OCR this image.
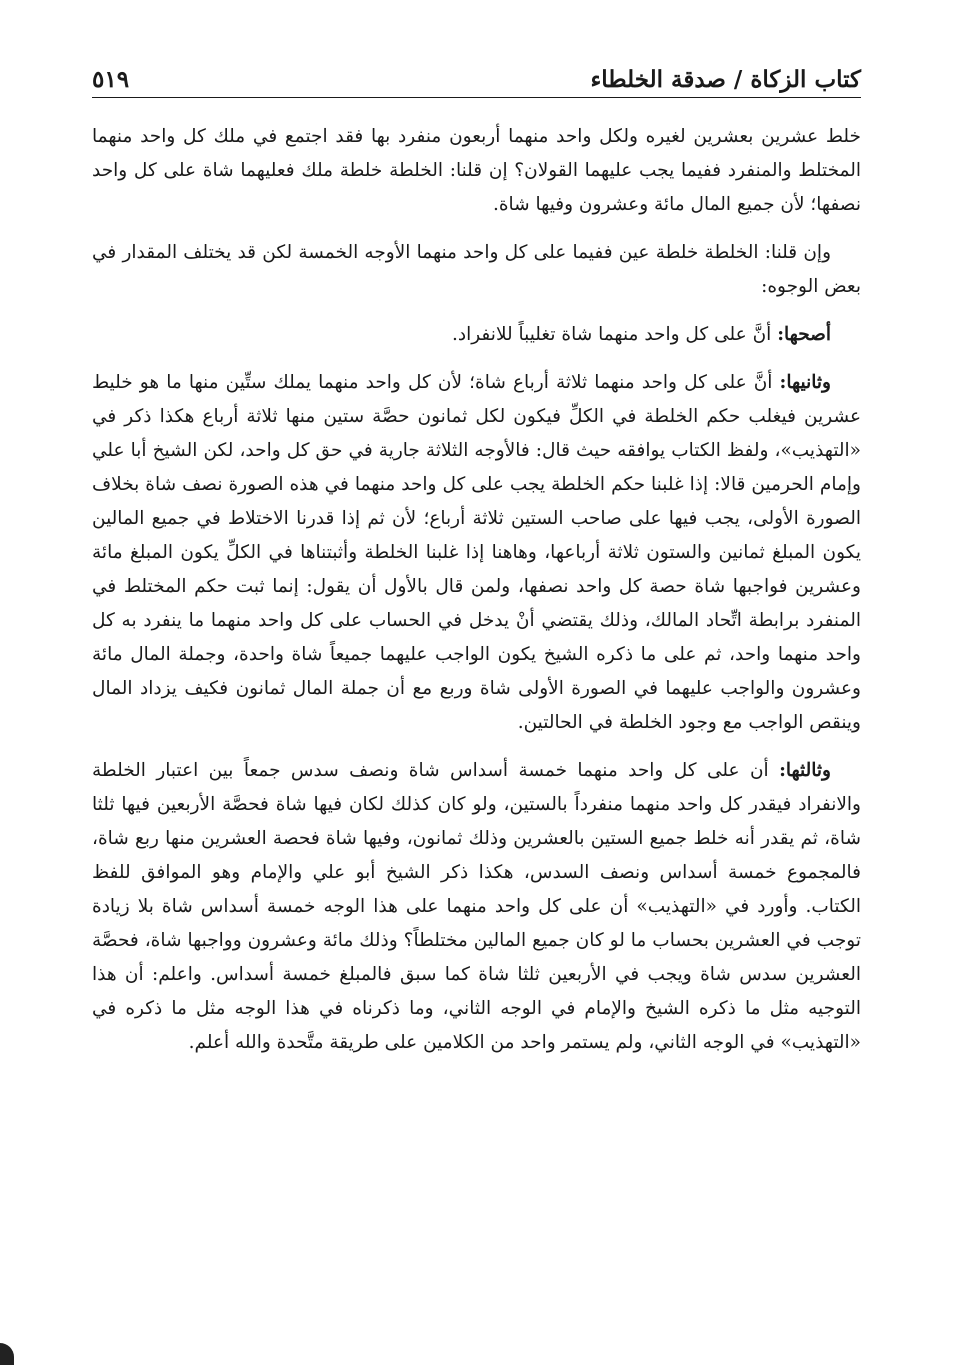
كتاب الزكاة / صدقة الخلطاء
٥١٩

خلط عشرين بعشرين لغيره ولكل واحد منهما أربعون منفرد بها فقد اجتمع في ملك كل واحد منهما المختلط والمنفرد ففيما يجب عليهما القولان؟ إن قلنا: الخلطة خلطة ملك فعليهما شاة على كل واحد نصفها؛ لأن جميع المال مائة وعشرون وفيها شاة.

وإن قلنا: الخلطة خلطة عين ففيما على كل واحد منهما الأوجه الخمسة لكن قد يختلف المقدار في بعض الوجوه:

أصحها: أنَّ على كل واحد منهما شاة تغليباً للانفراد.

وثانيها: أنَّ على كل واحد منهما ثلاثة أرباع شاة؛ لأن كل واحد منهما يملك ستِّين منها ما هو خليط عشرين فيغلب حكم الخلطة في الكلِّ فيكون لكل ثمانون حصَّة ستين منها ثلاثة أرباع هكذا ذكر في «التهذيب»، ولفظ الكتاب يوافقه حيث قال: فالأوجه الثلاثة جارية في حق كل واحد، لكن الشيخ أبا علي وإمام الحرمين قالا: إذا غلبنا حكم الخلطة يجب على كل واحد منهما في هذه الصورة نصف شاة بخلاف الصورة الأولى، يجب فيها على صاحب الستين ثلاثة أرباع؛ لأن ثم إذا قدرنا الاختلاط في جميع المالين يكون المبلغ ثمانين والستون ثلاثة أرباعها، وهاهنا إذا غلبنا الخلطة وأثبتناها في الكلِّ يكون المبلغ مائة وعشرين فواجبها شاة حصة كل واحد نصفها، ولمن قال بالأول أن يقول: إنما ثبت حكم المختلط في المنفرد برابطة اتِّحاد المالك، وذلك يقتضي أنْ يدخل في الحساب على كل واحد منهما ما ينفرد به كل واحد منهما واحد، ثم على ما ذكره الشيخ يكون الواجب عليهما جميعاً شاة واحدة، وجملة المال مائة وعشرون والواجب عليهما في الصورة الأولى شاة وربع مع أن جملة المال ثمانون فكيف يزداد المال وينقص الواجب مع وجود الخلطة في الحالتين.

وثالثها: أن على كل واحد منهما خمسة أسداس شاة ونصف سدس جمعاً بين اعتبار الخلطة والانفراد فيقدر كل واحد منهما منفرداً بالستين، ولو كان كذلك لكان فيها شاة فحصَّة الأربعين فيها ثلثا شاة، ثم يقدر أنه خلط جميع الستين بالعشرين وذلك ثمانون، وفيها شاة فحصة العشرين منها ربع شاة، فالمجموع خمسة أسداس ونصف السدس، هكذا ذكر الشيخ أبو علي والإمام وهو الموافق للفظ الكتاب. وأورد في «التهذيب» أن على كل واحد منهما على هذا الوجه خمسة أسداس شاة بلا زيادة توجب في العشرين بحساب ما لو كان جميع المالين مختلطاً؟ وذلك مائة وعشرون وواجبها شاة، فحصَّة العشرين سدس شاة ويجب في الأربعين ثلثا شاة كما سبق فالمبلغ خمسة أسداس. واعلم: أن هذا التوجيه مثل ما ذكره الشيخ والإمام في الوجه الثاني، وما ذكرناه في هذا الوجه مثل ما ذكره في «التهذيب» في الوجه الثاني، ولم يستمر واحد من الكلامين على طريقة متَّحدة والله أعلم.
